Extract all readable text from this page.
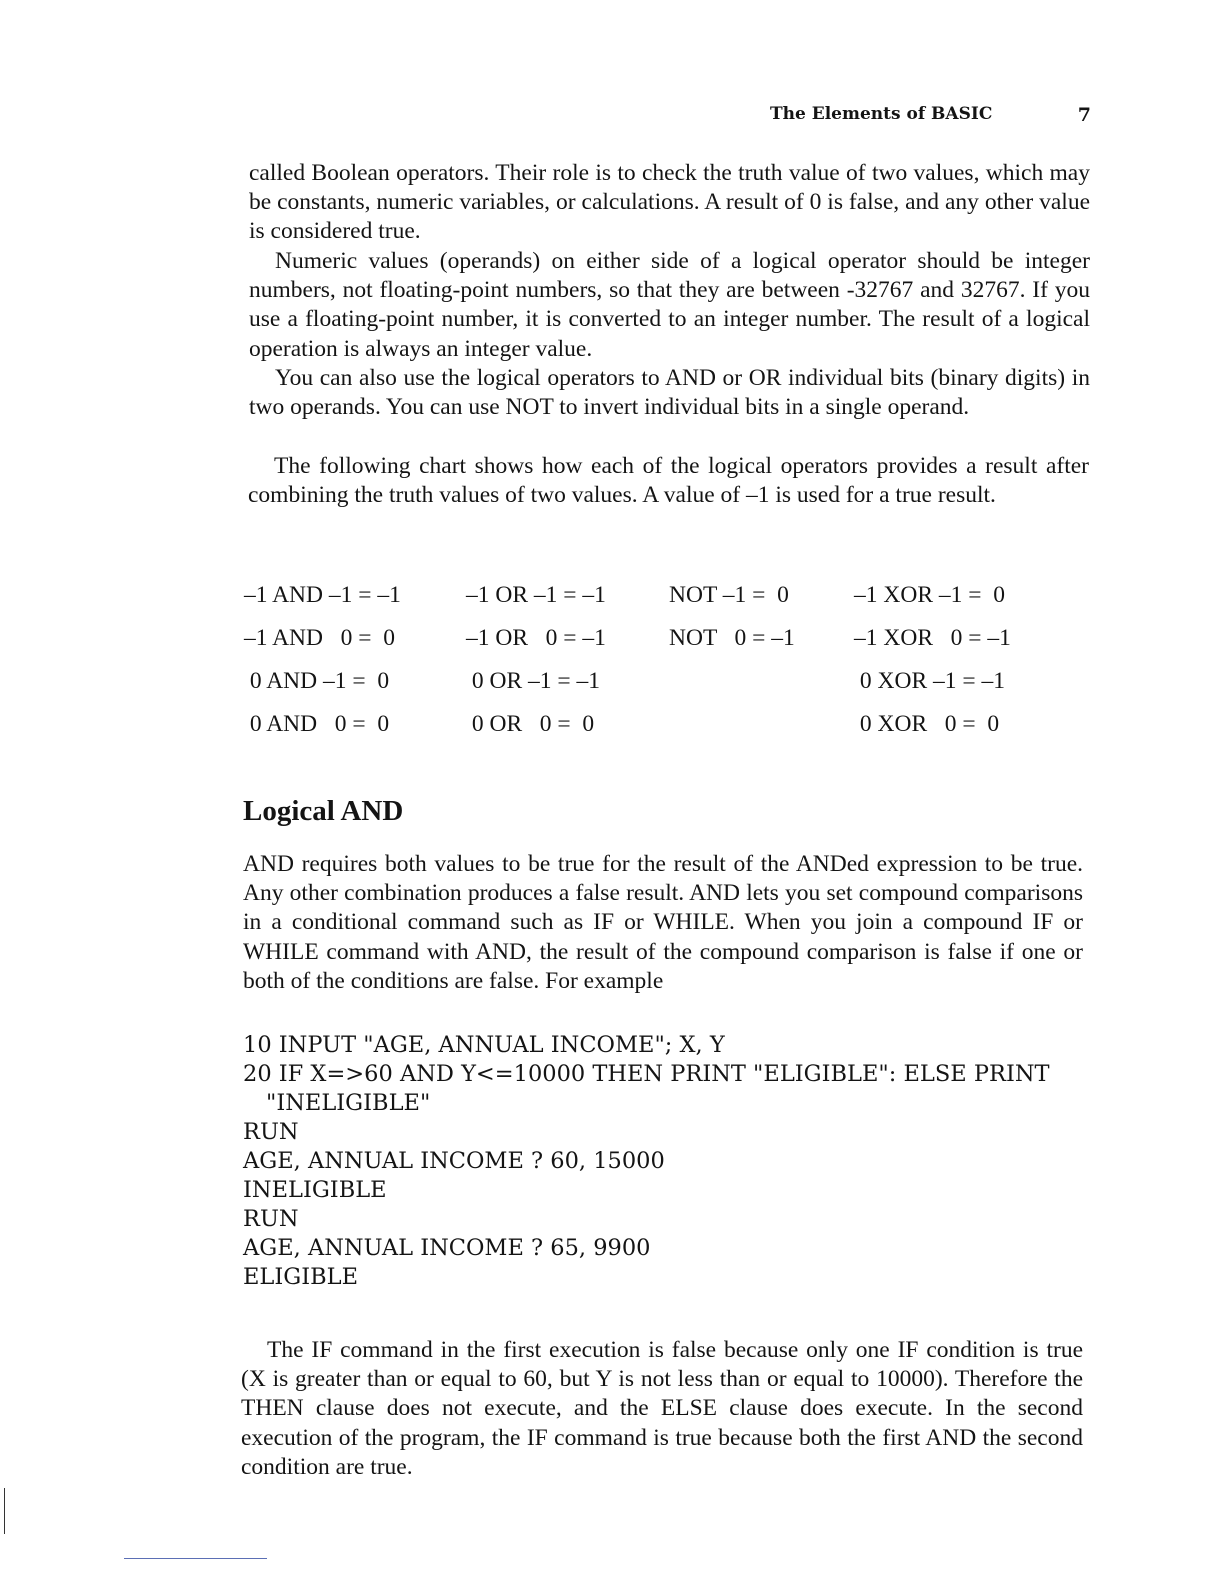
The Elements of BASIC	7

called Boolean operators. Their role is to check the truth value of two values, which may be constants, numeric variables, or calculations. A result of 0 is false, and any other value is considered true.

Numeric values (operands) on either side of a logical operator should be integer numbers, not floating-point numbers, so that they are between -32767 and 32767. If you use a floating-point number, it is converted to an integer number. The result of a logical operation is always an integer value.

You can also use the logical operators to AND or OR individual bits (binary digits) in two operands. You can use NOT to invert individual bits in a single operand.

The following chart shows how each of the logical operators provides a result after combining the truth values of two values. A value of –1 is used for a true result.

–1 AND –1 = –1
–1 AND   0 =  0
0 AND –1 =  0
0 AND   0 =  0
–1 OR –1 = –1
–1 OR   0 = –1
0 OR –1 = –1
0 OR   0 =  0
NOT –1 =  0
NOT   0 = –1
–1 XOR –1 =  0
–1 XOR   0 = –1
0 XOR –1 = –1
0 XOR   0 =  0
Logical AND

AND requires both values to be true for the result of the ANDed expression to be true. Any other combination produces a false result. AND lets you set compound comparisons in a conditional command such as IF or WHILE. When you join a compound IF or WHILE command with AND, the result of the compound comparison is false if one or both of the conditions are false. For example

10 INPUT "AGE, ANNUAL INCOME"; X, Y
20 IF X=>60 AND Y<=10000 THEN PRINT "ELIGIBLE": ELSE PRINT
"INELIGIBLE"
RUN
AGE, ANNUAL INCOME ? 60, 15000
INELIGIBLE
RUN
AGE, ANNUAL INCOME ? 65, 9900
ELIGIBLE

The IF command in the first execution is false because only one IF condition is true (X is greater than or equal to 60, but Y is not less than or equal to 10000). Therefore the THEN clause does not execute, and the ELSE clause does execute. In the second execution of the program, the IF command is true because both the first AND the second condition are true.
